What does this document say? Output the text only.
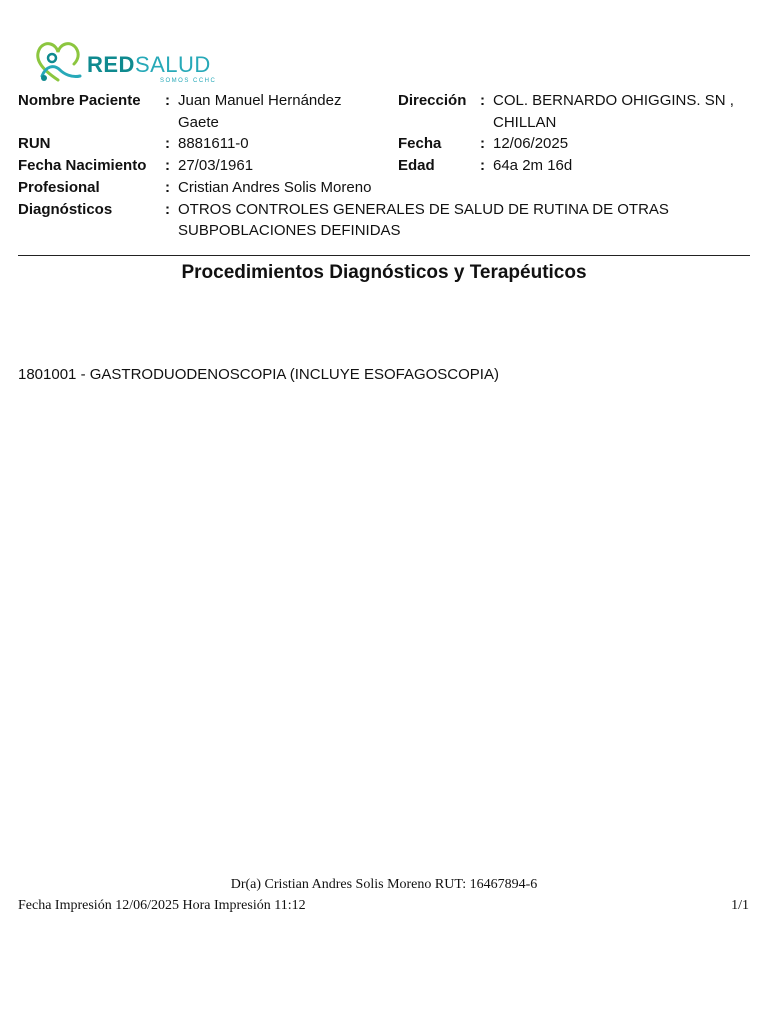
REDSALUD
SOMOS CCHC
Nombre Paciente : Juan Manuel Hernández
Gaete
RUN	: 8881611-0
Fecha Nacimiento : 27/03/1961
Profesional	: Cristian Andres Solis Moreno
Diagnósticos	: OTROS CONTROLES GENERALES DE SALUD DE RUTINA DE OTRAS
SUBPOBLACIONES DEFINIDAS
Dirección : COL. BERNARDO OHIGGINS. SN ,
CHILLAN
Fecha	: 12/06/2025
Edad	: 64a 2m 16d
Procedimientos Diagnósticos y Terapéuticos
1801001 - GASTRODUODENOSCOPIA (INCLUYE ESOFAGOSCOPIA)
Dr(a) Cristian Andres Solis Moreno RUT: 16467894-6
Fecha Impresión 12/06/2025 Hora Impresión 11:12	1/1
